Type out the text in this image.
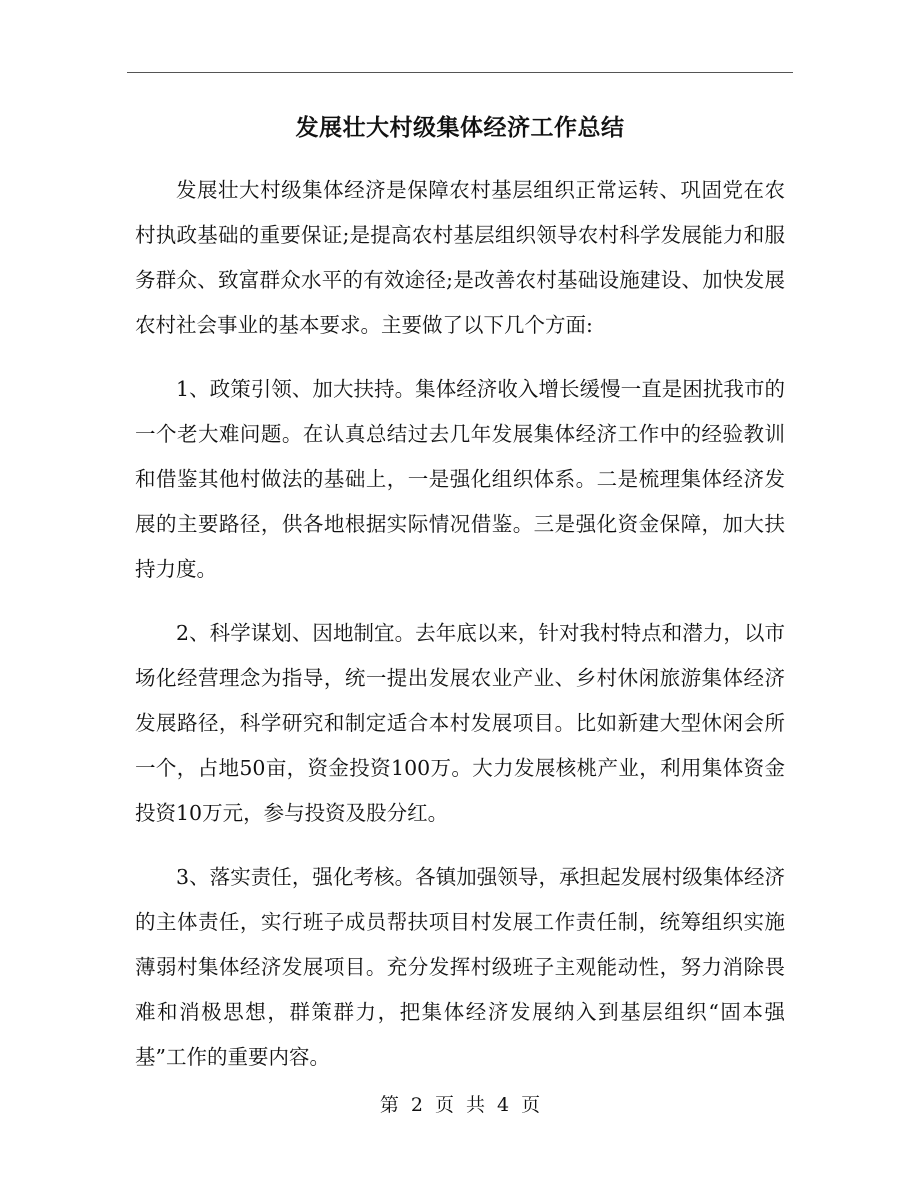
发展壮大村级集体经济工作总结

发展壮大村级集体经济是保障农村基层组织正常运转、巩固党在农村执政基础的重要保证;是提高农村基层组织领导农村科学发展能力和服务群众、致富群众水平的有效途径;是改善农村基础设施建设、加快发展农村社会事业的基本要求。主要做了以下几个方面:

1、政策引领、加大扶持。集体经济收入增长缓慢一直是困扰我市的一个老大难问题。在认真总结过去几年发展集体经济工作中的经验教训和借鉴其他村做法的基础上，一是强化组织体系。二是梳理集体经济发展的主要路径，供各地根据实际情况借鉴。三是强化资金保障，加大扶持力度。

2、科学谋划、因地制宜。去年底以来，针对我村特点和潜力，以市场化经营理念为指导，统一提出发展农业产业、乡村休闲旅游集体经济发展路径，科学研究和制定适合本村发展项目。比如新建大型休闲会所一个，占地50亩，资金投资100万。大力发展核桃产业，利用集体资金投资10万元，参与投资及股分红。

3、落实责任，强化考核。各镇加强领导，承担起发展村级集体经济的主体责任，实行班子成员帮扶项目村发展工作责任制，统筹组织实施薄弱村集体经济发展项目。充分发挥村级班子主观能动性，努力消除畏难和消极思想，群策群力，把集体经济发展纳入到基层组织“固本强基”工作的重要内容。

第 2 页 共 4 页
